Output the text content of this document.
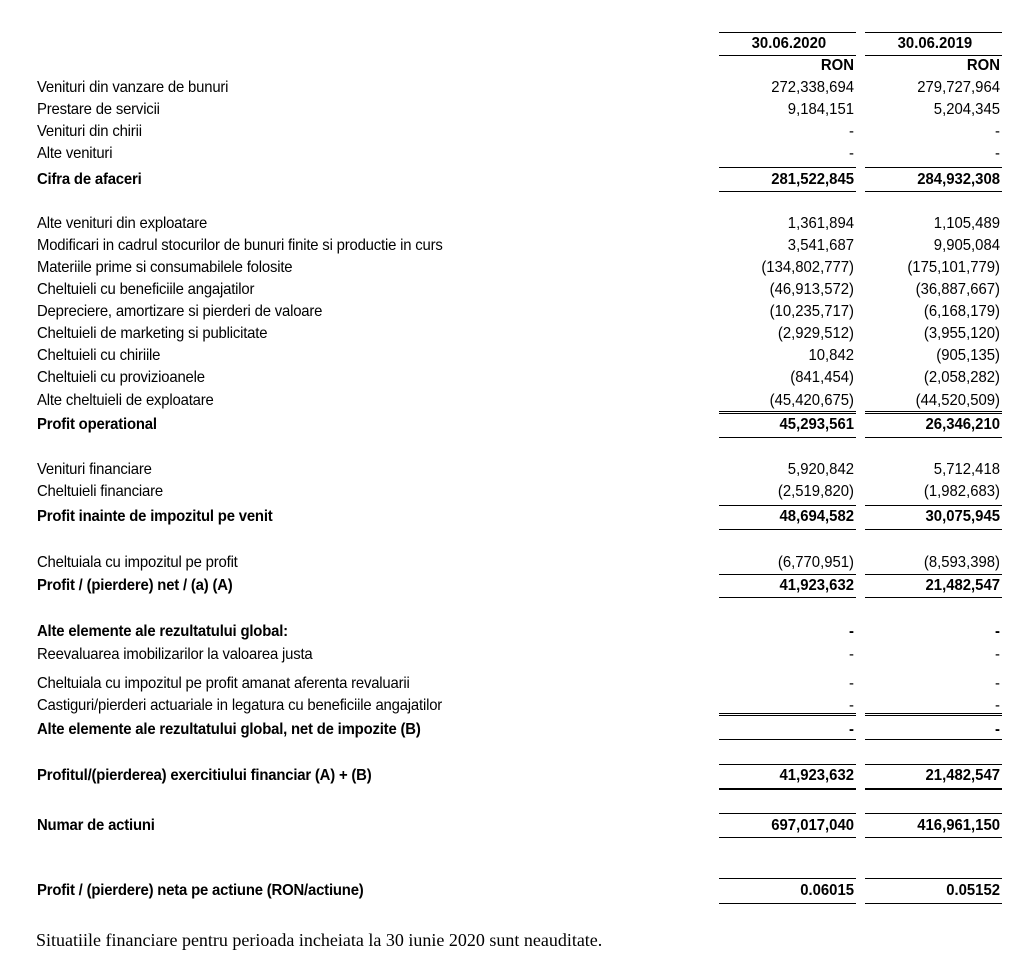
30.06.2020	30.06.2019
RON	RON
Venituri din vanzare de bunuri	272,338,694	279,727,964
Prestare de servicii	9,184,151	5,204,345
Venituri din chirii	-	-
Alte venituri	-	-
Cifra de afaceri	281,522,845	284,932,308
Alte venituri din exploatare	1,361,894	1,105,489
Modificari in cadrul stocurilor de bunuri finite si productie in curs	3,541,687	9,905,084
Materiile prime si consumabilele folosite	(134,802,777)	(175,101,779)
Cheltuieli cu beneficiile angajatilor	(46,913,572)	(36,887,667)
Depreciere, amortizare si pierderi de valoare	(10,235,717)	(6,168,179)
Cheltuieli de marketing si publicitate	(2,929,512)	(3,955,120)
Cheltuieli cu chiriile	10,842	(905,135)
Cheltuieli cu provizioanele	(841,454)	(2,058,282)
Alte cheltuieli de exploatare	(45,420,675)	(44,520,509)
Profit operational	45,293,561	26,346,210
Venituri financiare	5,920,842	5,712,418
Cheltuieli financiare	(2,519,820)	(1,982,683)
Profit inainte de impozitul pe venit	48,694,582	30,075,945
Cheltuiala cu impozitul pe profit	(6,770,951)	(8,593,398)
Profit / (pierdere) net / (a) (A)	41,923,632	21,482,547
Alte elemente ale rezultatului global:	-	-
Reevaluarea imobilizarilor la valoarea justa	-	-
Cheltuiala cu impozitul pe profit amanat aferenta revaluarii	-	-
Castiguri/pierderi actuariale in legatura cu beneficiile angajatilor	-	-
Alte elemente ale rezultatului global, net de impozite (B)	-	-
Profitul/(pierderea) exercitiului financiar (A) + (B)	41,923,632	21,482,547
Numar de actiuni	697,017,040	416,961,150
Profit / (pierdere) neta pe actiune (RON/actiune)	0.06015	0.05152
Situatiile financiare pentru perioada incheiata la 30 iunie 2020 sunt neauditate.
